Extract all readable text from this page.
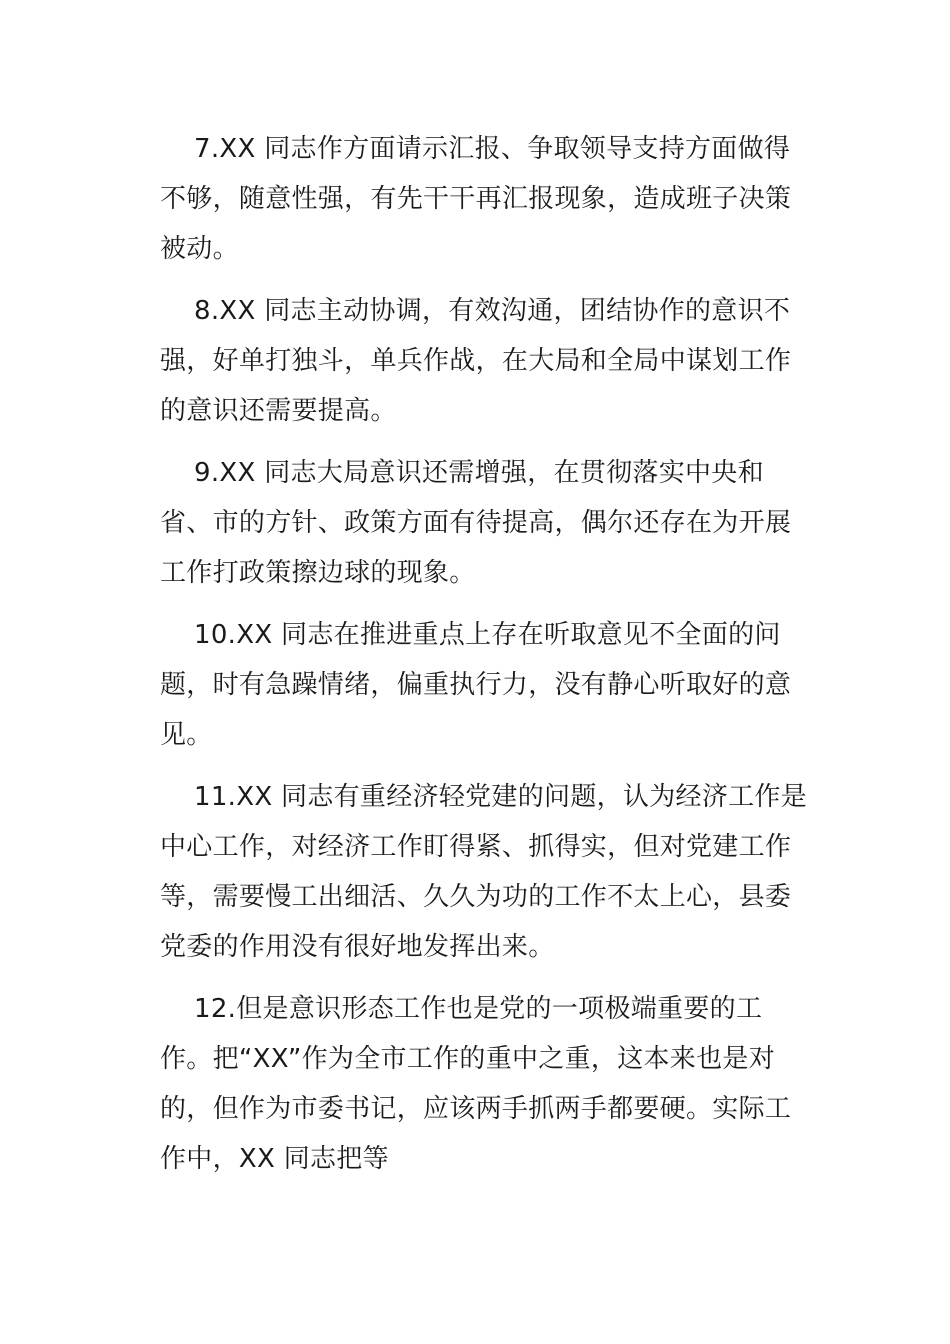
7.XX 同志作方面请示汇报、争取领导支持方面做得不够，随意性强，有先干干再汇报现象，造成班子决策被动。

8.XX 同志主动协调，有效沟通，团结协作的意识不强，好单打独斗，单兵作战，在大局和全局中谋划工作的意识还需要提高。

9.XX 同志大局意识还需增强，在贯彻落实中央和省、市的方针、政策方面有待提高，偶尔还存在为开展工作打政策擦边球的现象。

10.XX 同志在推进重点上存在听取意见不全面的问题，时有急躁情绪，偏重执行力，没有静心听取好的意见。

11.XX 同志有重经济轻党建的问题，认为经济工作是中心工作，对经济工作盯得紧、抓得实，但对党建工作等，需要慢工出细活、久久为功的工作不太上心，县委党委的作用没有很好地发挥出来。

12.但是意识形态工作也是党的一项极端重要的工作。把“XX”作为全市工作的重中之重，这本来也是对的，但作为市委书记，应该两手抓两手都要硬。实际工作中，XX 同志把等
